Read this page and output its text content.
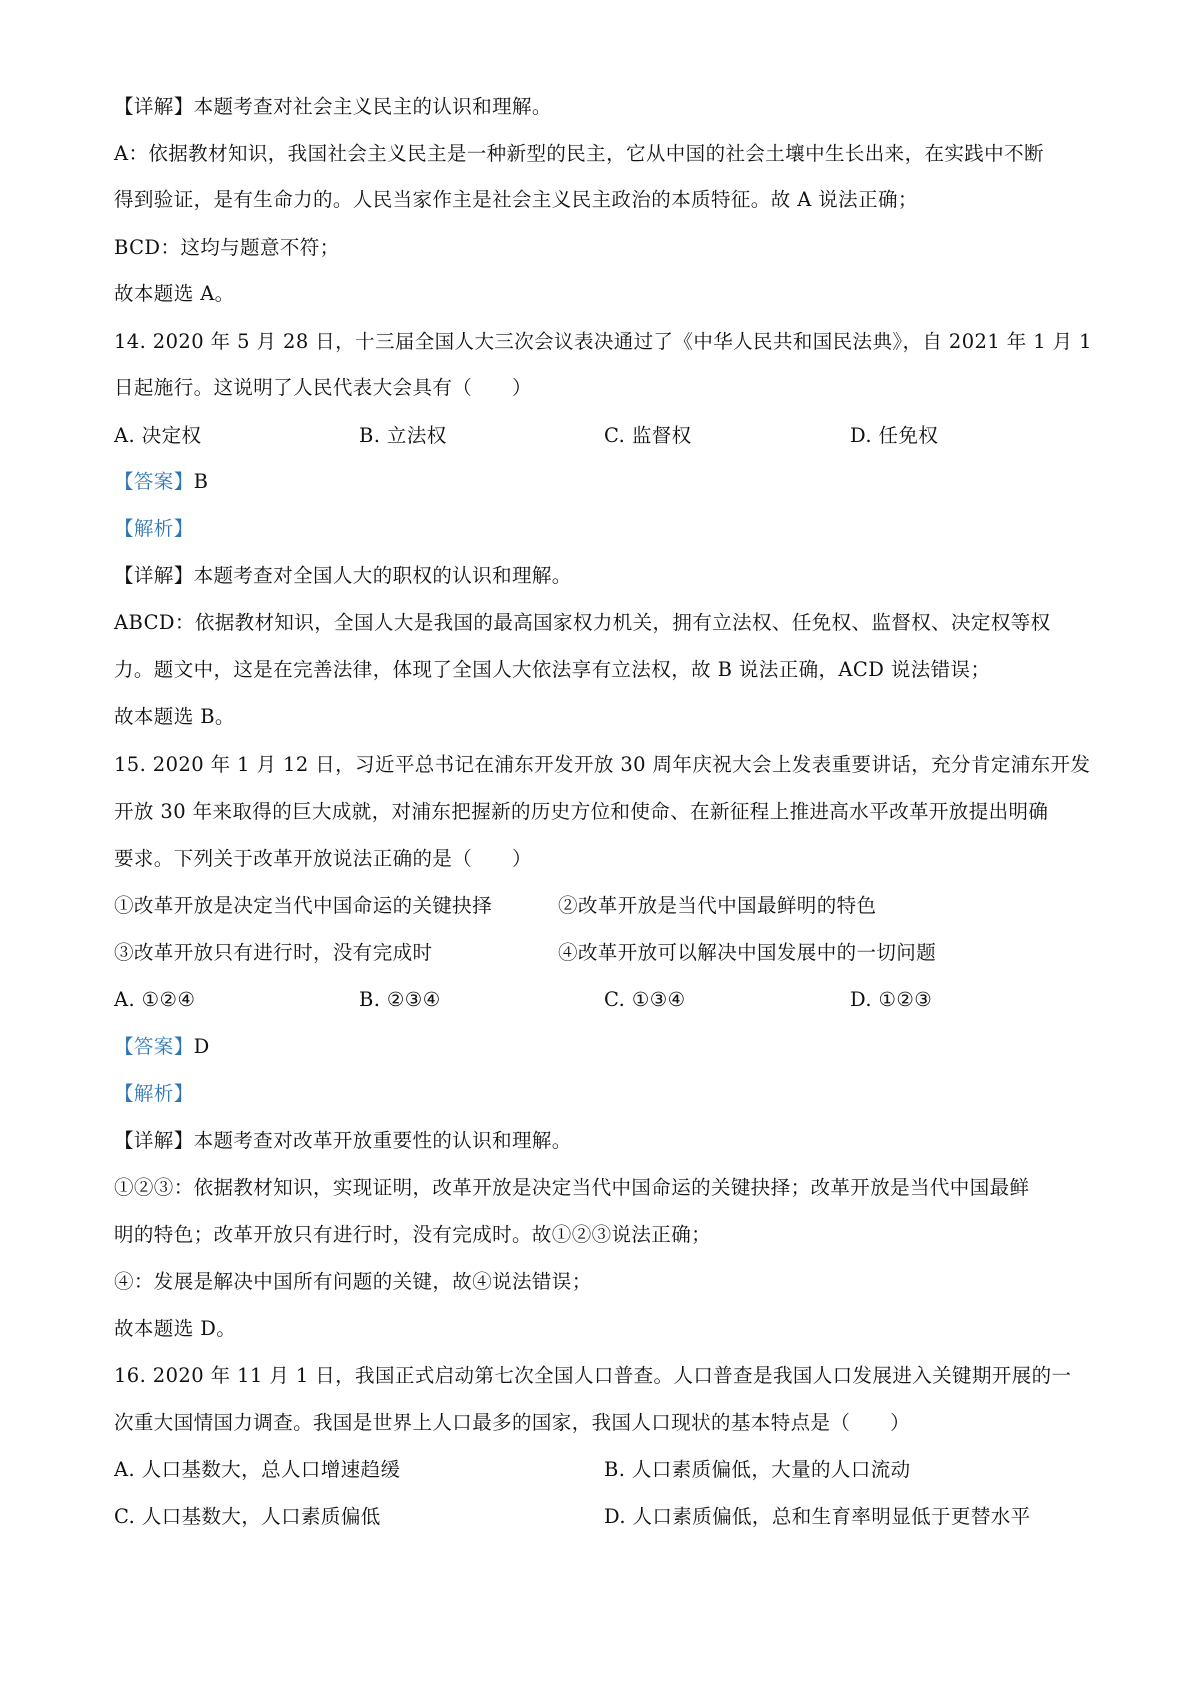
【详解】本题考查对社会主义民主的认识和理解。
A：依据教材知识，我国社会主义民主是一种新型的民主，它从中国的社会土壤中生长出来，在实践中不断
得到验证，是有生命力的。人民当家作主是社会主义民主政治的本质特征。故 A 说法正确；
BCD：这均与题意不符；
故本题选 A。
14. 2020 年 5 月 28 日，十三届全国人大三次会议表决通过了《中华人民共和国民法典》，自 2021 年 1 月 1
日起施行。这说明了人民代表大会具有（　　）
A. 决定权	B. 立法权	C. 监督权	D. 任免权
【答案】B
【解析】
【详解】本题考查对全国人大的职权的认识和理解。
ABCD：依据教材知识，全国人大是我国的最高国家权力机关，拥有立法权、任免权、监督权、决定权等权
力。题文中，这是在完善法律，体现了全国人大依法享有立法权，故 B 说法正确，ACD 说法错误；
故本题选 B。
15. 2020 年 1 月 12 日，习近平总书记在浦东开发开放 30 周年庆祝大会上发表重要讲话，充分肯定浦东开发
开放 30 年来取得的巨大成就，对浦东把握新的历史方位和使命、在新征程上推进高水平改革开放提出明确
要求。下列关于改革开放说法正确的是（　　）
①改革开放是决定当代中国命运的关键抉择	②改革开放是当代中国最鲜明的特色
③改革开放只有进行时，没有完成时	④改革开放可以解决中国发展中的一切问题
A. ①②④	B. ②③④	C. ①③④	D. ①②③
【答案】D
【解析】
【详解】本题考查对改革开放重要性的认识和理解。
①②③：依据教材知识，实现证明，改革开放是决定当代中国命运的关键抉择；改革开放是当代中国最鲜
明的特色；改革开放只有进行时，没有完成时。故①②③说法正确；
④：发展是解决中国所有问题的关键，故④说法错误；
故本题选 D。
16. 2020 年 11 月 1 日，我国正式启动第七次全国人口普查。人口普查是我国人口发展进入关键期开展的一
次重大国情国力调查。我国是世界上人口最多的国家，我国人口现状的基本特点是（　　）
A. 人口基数大，总人口增速趋缓	B. 人口素质偏低，大量的人口流动
C. 人口基数大，人口素质偏低	D. 人口素质偏低，总和生育率明显低于更替水平
